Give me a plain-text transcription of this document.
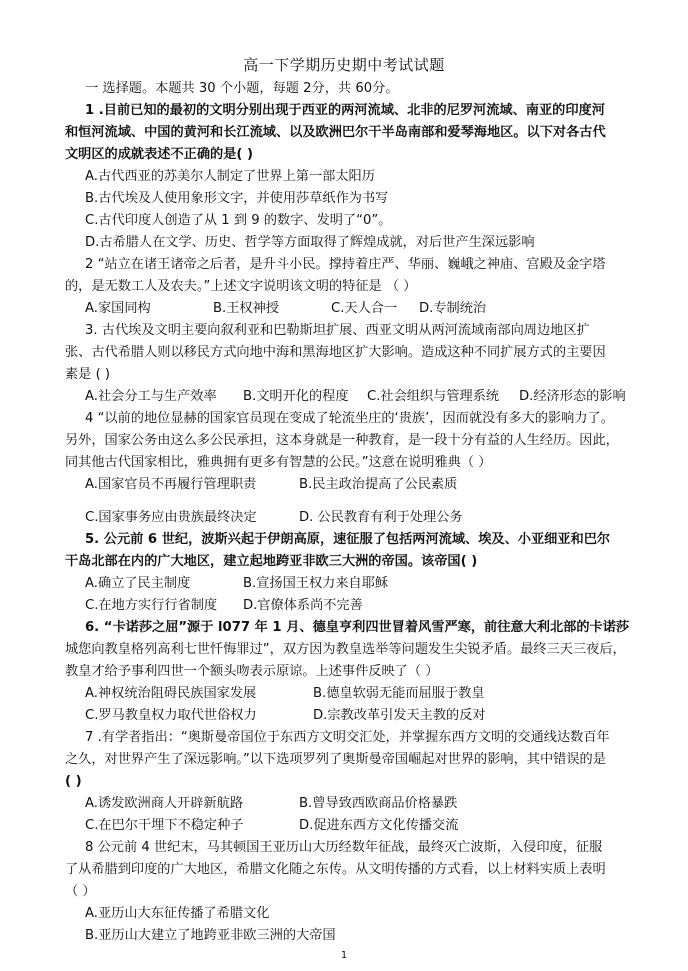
高一下学期历史期中考试试题
一 选择题。本题共 30 个小题，每题 2分，共 60分。
1 .目前已知的最初的文明分别出现于西亚的两河流域、北非的尼罗河流域、南亚的印度河
和恒河流域、中国的黄河和长江流域、以及欧洲巴尔干半岛南部和爱琴海地区。以下对各古代
文明区的成就表述不正确的是( )
A.古代西亚的苏美尔人制定了世界上第一部太阳历
B.古代埃及人使用象形文字，并使用莎草纸作为书写
C.古代印度人创造了从 1 到 9 的数字、发明了“0”。
D.古希腊人在文学、历史、哲学等方面取得了辉煌成就，对后世产生深远影响
2 “站立在诸王诸帝之后者，是升斗小民。撑持着庄严、华丽、巍峨之神庙、宫殿及金字塔
的，是无数工人及农夫。”上述文字说明该文明的特征是 （ ）
A.家国同构	B.王权神授	C.天人合一 D.专制统治
3. 古代埃及文明主要向叙利亚和巴勒斯坦扩展、西亚文明从两河流域南部向周边地区扩
张、古代希腊人则以移民方式向地中海和黑海地区扩大影响。造成这种不同扩展方式的主要因
素是 ( )
A.社会分工与生产效率 B.文明开化的程度 C.社会组织与管理系统 D.经济形态的影响
4 “以前的地位显赫的国家官员现在变成了轮流坐庄的‘贵族’，因而就没有多大的影响力了。
另外，国家公务由这么多公民承担，这本身就是一种教育，是一段十分有益的人生经历。因此，
同其他古代国家相比，雅典拥有更多有智慧的公民。”这意在说明雅典（ ）
A.国家官员不再履行管理职责	B.民主政治提高了公民素质
C.国家事务应由贵族最终决定	D. 公民教育有利于处理公务
5. 公元前 6 世纪，波斯兴起于伊朗高原，速征服了包括两河流域、埃及、小亚细亚和巴尔
干岛北部在内的广大地区，建立起地跨亚非欧三大洲的帝国。该帝国( )
A.确立了民主制度	B.宣扬国王权力来自耶稣
C.在地方实行行省制度 D.官僚体系尚不完善
6. “卡诺莎之屈”源于 l077 年 1 月、德皇亨利四世冒着风雪严寒，前往意大利北部的卡诺莎
城您向教皇格列高利七世忏悔罪过”，双方因为教皇选举等问题发生尖锐矛盾。最终三天三夜后，
教皇才给予事利四世一个额头吻表示原谅。上述事件反映了（ ）
A.神权统治阻碍民族国家发展	B.德皇软弱无能而屈服于教皇
C.罗马教皇权力取代世俗权力	D.宗教改革引发天主教的反对
7 .有学者指出：“奥斯曼帝国位于东西方文明交汇处，并掌握东西方文明的交通线达数百年
之久，对世界产生了深远影响。”以下选项罗列了奥斯曼帝国崛起对世界的影响，其中错误的是
( )
A.诱发欧洲商人开辟新航路	B.曾导致西欧商品价格暴跌
C.在巴尔干埋下不稳定种子	D.促进东西方文化传播交流
8 公元前 4 世纪末，马其顿国王亚历山大历经数年征战，最终灭亡波斯，入侵印度，征服
了从希腊到印度的广大地区，希腊文化随之东传。从文明传播的方式看，以上材料实质上表明
（ ）
A.亚历山大东征传播了希腊文化
B.亚历山大建立了地跨亚非欧三洲的大帝国
1
